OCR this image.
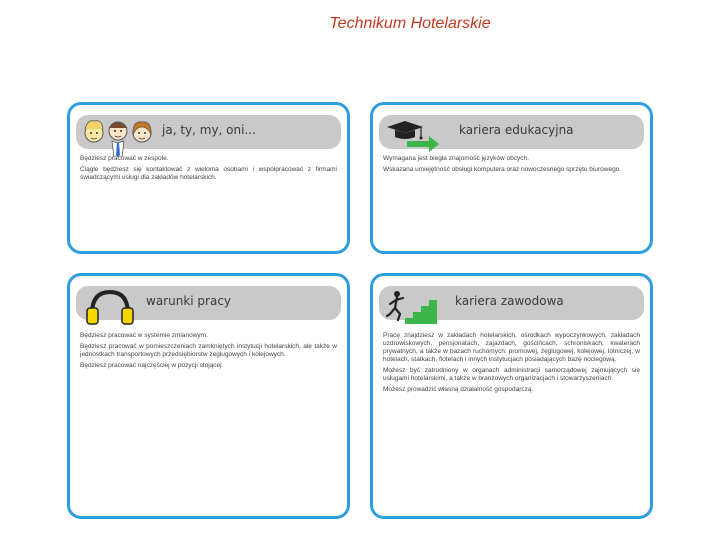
Technikum Hotelarskie
ja, ty, my, oni...

Będziesz pracować w zespole.

Ciągle będziesz się kontaktować z wieloma osobami i współpracować z firmami świadczącymi usługi dla zakładów hotelarskich.

kariera edukacyjna

Wymagana jest biegła znajomość języków obcych.

Wskazana umiejętność obsługi komputera oraz nowoczesnego sprzętu biurowego.

warunki pracy

Będziesz pracować w systemie zmianowym.

Będziesz pracować w pomieszczeniach zamkniętych instytucji hotelarskich, ale także w jednostkach transportowych przedsiębiorstw żeglugowych i kolejowych.

Będziesz pracować najczęściej w pozycji stojącej.

kariera zawodowa

Pracę znajdziesz w zakładach hotelarskich, ośrodkach wypoczynkowych, zakładach uzdrowiskowych, pensjonatach, zajazdach, gościńcach, schroniskach, kwaterach prywatnych, a także w bazach ruchomych: promowej, żeglugowej, kolejowej, lotniczej, w hotelach, statkach, flotelach i innych instytucjach posiadających bazę noclegową.

Możesz być zatrudniony w organach administracji samorządowej zajmujących się usługami hotelarskimi, a także w branżowych organizacjach i stowarzyszeniach.

Możesz prowadzić własną działalność gospodarczą.
